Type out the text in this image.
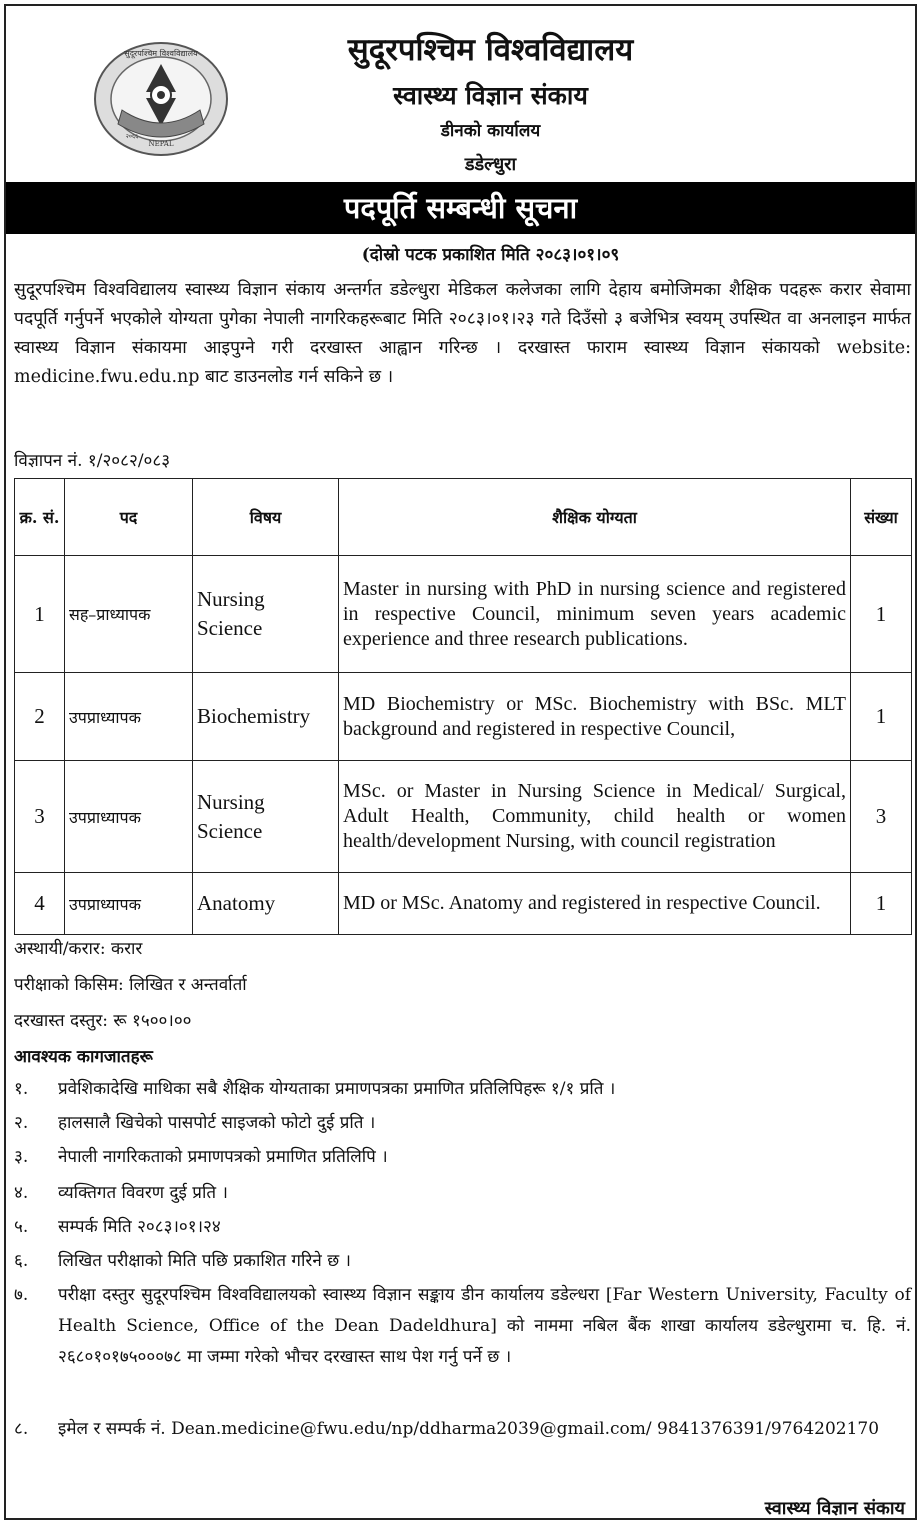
सुदूरपश्चिम विश्वविद्यालय
NEPAL
२०६६
सुदूरपश्चिम विश्वविद्यालय
स्वास्थ्य विज्ञान संकाय
डीनको कार्यालय
डडेल्धुरा
पदपूर्ति सम्बन्धी सूचना
(दोस्रो पटक प्रकाशित मिति २०८३।०१।०९
सुदूरपश्चिम विश्वविद्यालय स्वास्थ्य विज्ञान संकाय अन्तर्गत डडेल्धुरा मेडिकल कलेजका लागि देहाय बमोजिमका शैक्षिक पदहरू करार सेवामा पदपूर्ति गर्नुपर्ने भएकोले योग्यता पुगेका नेपाली नागरिकहरूबाट मिति २०८३।०१।२३ गते दिउँसो ३ बजेभित्र स्वयम् उपस्थित वा अनलाइन मार्फत स्वास्थ्य विज्ञान संकायमा आइपुग्ने गरी दरखास्त आह्वान गरिन्छ । दरखास्त फाराम स्वास्थ्य विज्ञान संकायको website: medicine.fwu.edu.np बाट डाउनलोड गर्न सकिने छ ।
विज्ञापन नं. १/२०८२/०८३
क्र. सं.	पद	विषय	शैक्षिक योग्यता	संख्या
1	सह–प्राध्यापक	Nursing Science	Master in nursing with PhD in nursing science and registered in respective Council, minimum seven years academic experience and three research publications.	1
2	उपप्राध्यापक	Biochemistry	MD Biochemistry or MSc. Biochemistry with BSc. MLT background and registered in respective Council,	1
3	उपप्राध्यापक	Nursing Science	MSc. or Master in Nursing Science in Medical/ Surgical, Adult Health, Community, child health or women health/development Nursing, with council registration	3
4	उपप्राध्यापक	Anatomy	MD or MSc. Anatomy and registered in respective Council.	1
अस्थायी/करार: करार
परीक्षाको किसिम: लिखित र अन्तर्वार्ता
दरखास्त दस्तुर: रू १५००।००
आवश्यक कागजातहरू
१.	प्रवेशिकादेखि माथिका सबै शैक्षिक योग्यताका प्रमाणपत्रका प्रमाणित प्रतिलिपिहरू १/१ प्रति ।
२.	हालसालै खिचेको पासपोर्ट साइजको फोटो दुई प्रति ।
३.	नेपाली नागरिकताको प्रमाणपत्रको प्रमाणित प्रतिलिपि ।
४.	व्यक्तिगत विवरण दुई प्रति ।
५.	सम्पर्क मिति २०८३।०१।२४
६.	लिखित परीक्षाको मिति पछि प्रकाशित गरिने छ ।
७.	परीक्षा दस्तुर सुदूरपश्चिम विश्वविद्यालयको स्वास्थ्य विज्ञान सङ्काय डीन कार्यालय डडेल्धरा [Far Western University, Faculty of Health Science, Office of the Dean Dadeldhura] को नाममा नबिल बैंक शाखा कार्यालय डडेल्धुरामा च. हि. नं. २६८०१०१७५०००७८ मा जम्मा गरेको भौचर दरखास्त साथ पेश गर्नु पर्ने छ ।
८.	इमेल र सम्पर्क नं. Dean.medicine@fwu.edu/np/ddharma2039@gmail.com/ 9841376391/9764202170
स्वास्थ्य विज्ञान संकाय
